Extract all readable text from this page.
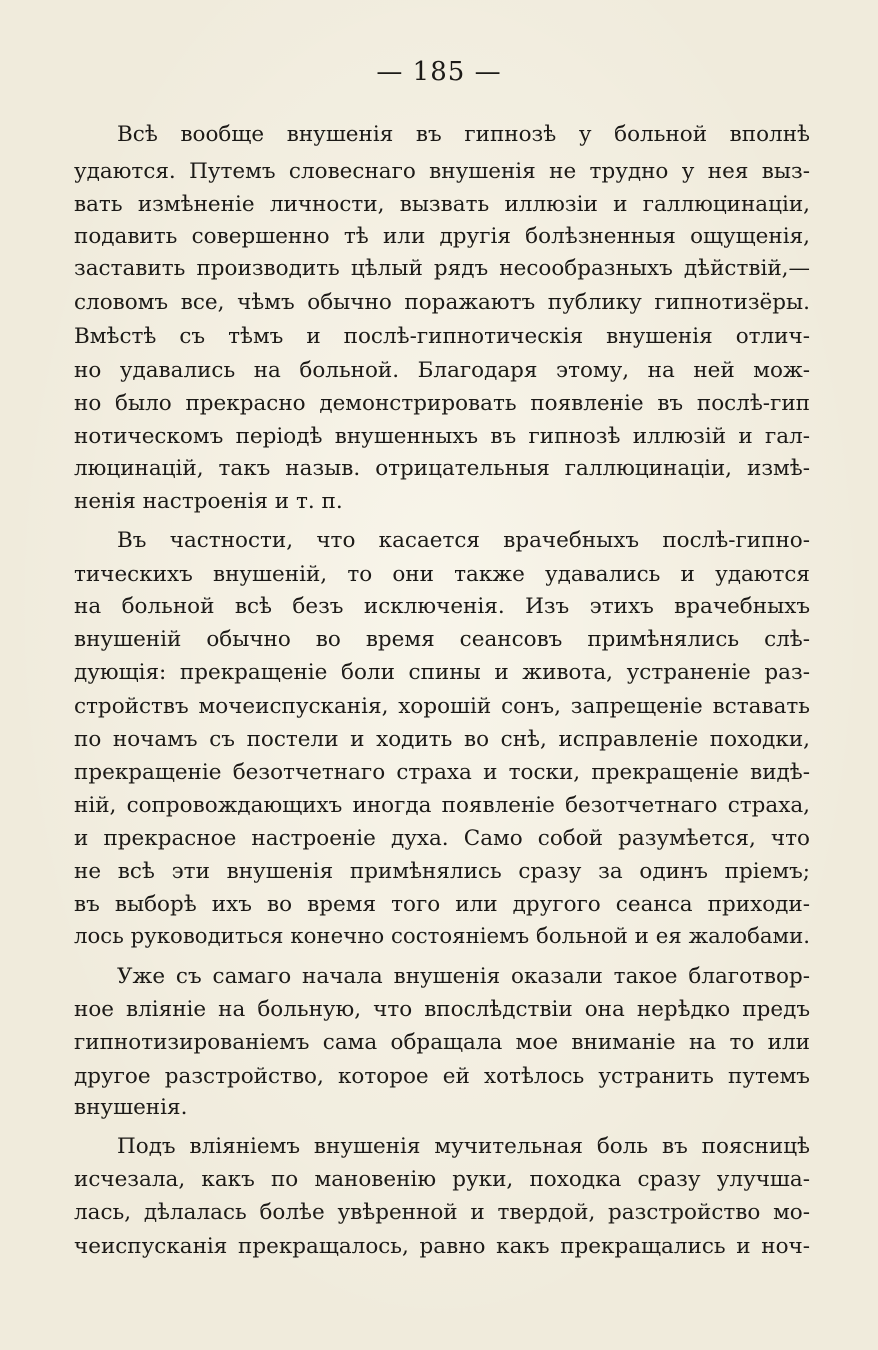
— 185 —
Всѣ вообще внушенія въ гипнозѣ у больной вполнѣ
удаются. Путемъ словеснаго внушенія не трудно у нея выз-
вать измѣненіе личности, вызвать иллюзіи и галлюцинаціи,
подавить совершенно тѣ или другія болѣзненныя ощущенія,
заставить производить цѣлый рядъ несообразныхъ дѣйствій,—
словомъ все, чѣмъ обычно поражаютъ публику гипнотизёры.
Вмѣстѣ съ тѣмъ и послѣ-гипнотическія внушенія отлич-
но удавались на больной. Благодаря этому, на ней мож-
но было прекрасно демонстрировать появленіе въ послѣ-гип
нотическомъ періодѣ внушенныхъ въ гипнозѣ иллюзій и гал-
люцинацій, такъ назыв. отрицательныя галлюцинаціи, измѣ-
ненія настроенія и т. п.
Въ частности, что касается врачебныхъ послѣ-гипно-
тическихъ внушеній, то они также удавались и удаются
на больной всѣ безъ исключенія. Изъ этихъ врачебныхъ
внушеній обычно во время сеансовъ примѣнялись слѣ-
дующія: прекращеніе боли спины и живота, устраненіе раз-
стройствъ мочеиспусканія, хорошій сонъ, запрещеніе вставать
по ночамъ съ постели и ходить во снѣ, исправленіе походки,
прекращеніе безотчетнаго страха и тоски, прекращеніе видѣ-
ній, сопровождающихъ иногда появленіе безотчетнаго страха,
и прекрасное настроеніе духа. Само собой разумѣется, что
не всѣ эти внушенія примѣнялись сразу за одинъ пріемъ;
въ выборѣ ихъ во время того или другого сеанса приходи-
лось руководиться конечно состояніемъ больной и ея жалобами.
Уже съ самаго начала внушенія оказали такое благотвор-
ное вліяніе на больную, что впослѣдствіи она нерѣдко предъ
гипнотизированіемъ сама обращала мое вниманіе на то или
другое разстройство, которое ей хотѣлось устранить путемъ
внушенія.
Подъ вліяніемъ внушенія мучительная боль въ поясницѣ
исчезала, какъ по мановенію руки, походка сразу улучша-
лась, дѣлалась болѣе увѣренной и твердой, разстройство мо-
чеиспусканія прекращалось, равно какъ прекращались и ноч-
